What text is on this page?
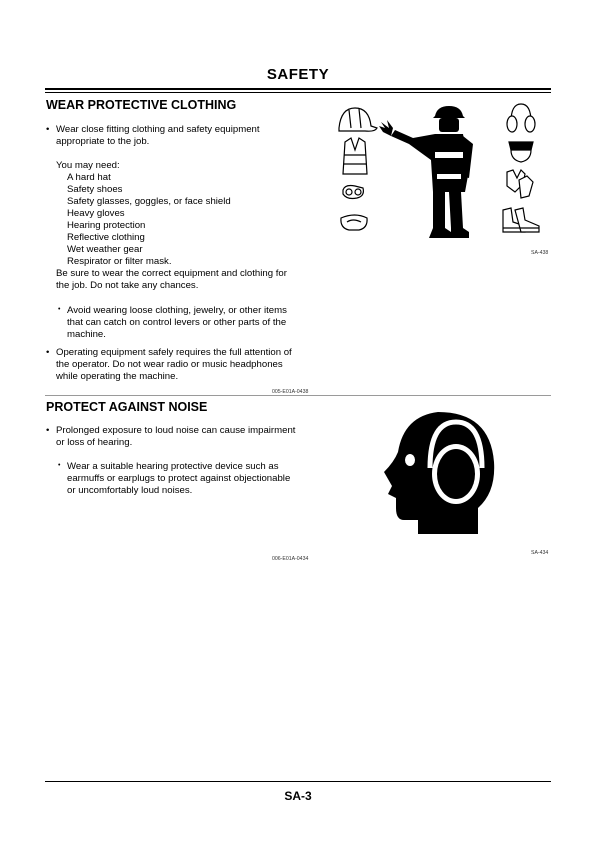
SAFETY
WEAR PROTECTIVE CLOTHING
• Wear close fitting clothing and safety equipment
appropriate to the job.
You may need:
A hard hat
Safety shoes
Safety glasses, goggles, or face shield
Heavy gloves
Hearing protection
Reflective clothing
Wet weather gear
Respirator or filter mask.
Be sure to wear the correct equipment and clothing for
the job. Do not take any chances.
• Avoid wearing loose clothing, jewelry, or other items
that can catch on control levers or other parts of the
machine.
• Operating equipment safely requires the full attention of
the operator. Do not wear radio or music headphones
while operating the machine.
005-E01A-0438
SA-438
PROTECT AGAINST NOISE
• Prolonged exposure to loud noise can cause impairment
or loss of hearing.
• Wear a suitable hearing protective device such as
earmuffs or earplugs to protect against objectionable
or uncomfortably loud noises.
006-E01A-0434
SA-434
SA-3
